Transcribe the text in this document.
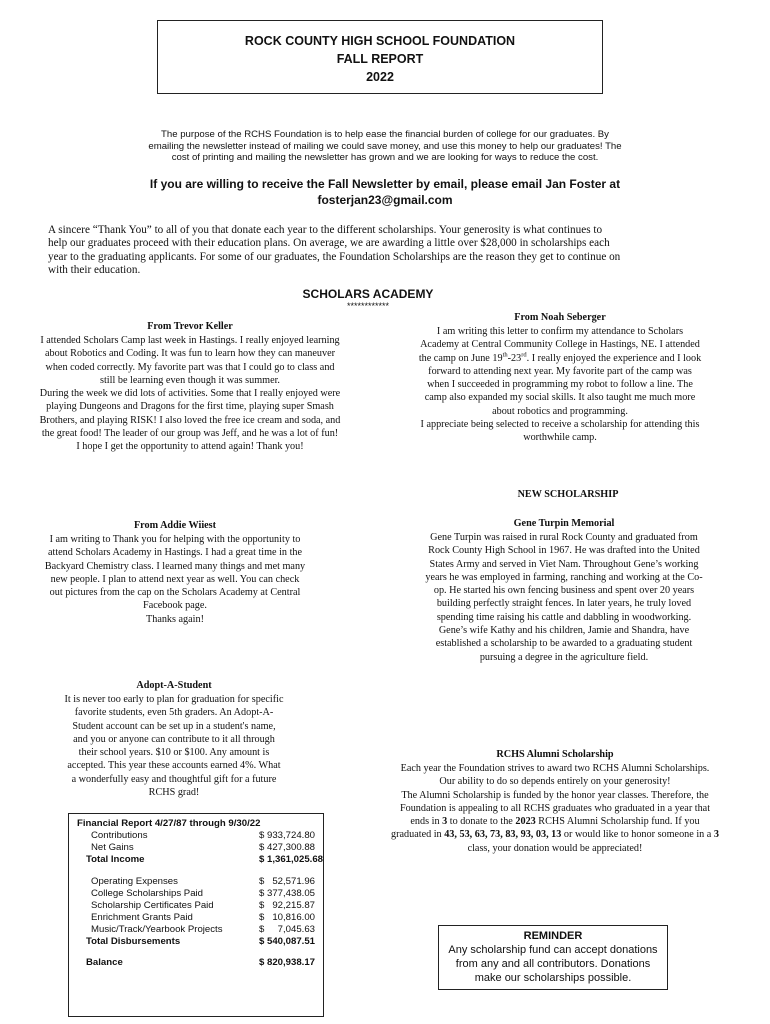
ROCK COUNTY HIGH SCHOOL FOUNDATION
FALL REPORT
2022
The purpose of the RCHS Foundation is to help ease the financial burden of college for our graduates. By
emailing the newsletter instead of mailing we could save money, and use this money to help our graduates! The
cost of printing and mailing the newsletter has grown and we are looking for ways to reduce the cost.
If you are willing to receive the Fall Newsletter by email, please email Jan Foster at
fosterjan23@gmail.com
A sincere “Thank You” to all of you that donate each year to the different scholarships. Your generosity is what continues to
help our graduates proceed with their education plans. On average, we are awarding a little over $28,000 in scholarships each
year to the graduating applicants. For some of our graduates, the Foundation Scholarships are the reason they get to continue on
with their education.
SCHOLARS ACADEMY
************
From Trevor Keller
I attended Scholars Camp last week in Hastings. I really enjoyed learning
about Robotics and Coding. It was fun to learn how they can maneuver
when coded correctly. My favorite part was that I could go to class and
still be learning even though it was summer.
During the week we did lots of activities. Some that I really enjoyed were
playing Dungeons and Dragons for the first time, playing super Smash
Brothers, and playing RISK! I also loved the free ice cream and soda, and
the great food! The leader of our group was Jeff, and he was a lot of fun!
I hope I get the opportunity to attend again! Thank you!
From Noah Seberger
I am writing this letter to confirm my attendance to Scholars
Academy at Central Community College in Hastings, NE. I attended
the camp on June 19th-23rd. I really enjoyed the experience and I look
forward to attending next year. My favorite part of the camp was
when I succeeded in programming my robot to follow a line. The
camp also expanded my social skills. It also taught me much more
about robotics and programming.
I appreciate being selected to receive a scholarship for attending this
worthwhile camp.
NEW SCHOLARSHIP
From Addie Wiiest
I am writing to Thank you for helping with the opportunity to
attend Scholars Academy in Hastings. I had a great time in the
Backyard Chemistry class. I learned many things and met many
new people. I plan to attend next year as well. You can check
out pictures from the cap on the Scholars Academy at Central
Facebook page.
Thanks again!
Gene Turpin Memorial
Gene Turpin was raised in rural Rock County and graduated from
Rock County High School in 1967. He was drafted into the United
States Army and served in Viet Nam. Throughout Gene’s working
years he was employed in farming, ranching and working at the Co-
op. He started his own fencing business and spent over 20 years
building perfectly straight fences. In later years, he truly loved
spending time raising his cattle and dabbling in woodworking.
Gene’s wife Kathy and his children, Jamie and Shandra, have
established a scholarship to be awarded to a graduating student
pursuing a degree in the agriculture field.
Adopt-A-Student
It is never too early to plan for graduation for specific
favorite students, even 5th graders. An Adopt-A-
Student account can be set up in a student's name,
and you or anyone can contribute to it all through
their school years. $10 or $100. Any amount is
accepted. This year these accounts earned 4%. What
a wonderfully easy and thoughtful gift for a future
RCHS grad!
RCHS Alumni Scholarship
Each year the Foundation strives to award two RCHS Alumni Scholarships.
Our ability to do so depends entirely on your generosity!
The Alumni Scholarship is funded by the honor year classes. Therefore, the
Foundation is appealing to all RCHS graduates who graduated in a year that
ends in 3 to donate to the 2023 RCHS Alumni Scholarship fund. If you
graduated in 43, 53, 63, 73, 83, 93, 03, 13 or would like to honor someone in a 3
class, your donation would be appreciated!
Financial Report 4/27/87 through 9/30/22
Contributions	$ 933,724.80
Net Gains	$ 427,300.88
Total Income	$ 1,361,025.68
Operating Expenses	$   52,571.96
College Scholarships Paid	$ 377,438.05
Scholarship Certificates Paid	$   92,215.87
Enrichment Grants Paid	$   10,816.00
Music/Track/Yearbook Projects	$     7,045.63
Total Disbursements	$ 540,087.51
Balance	$ 820,938.17
REMINDER
Any scholarship fund can accept donations
from any and all contributors. Donations
make our scholarships possible.
